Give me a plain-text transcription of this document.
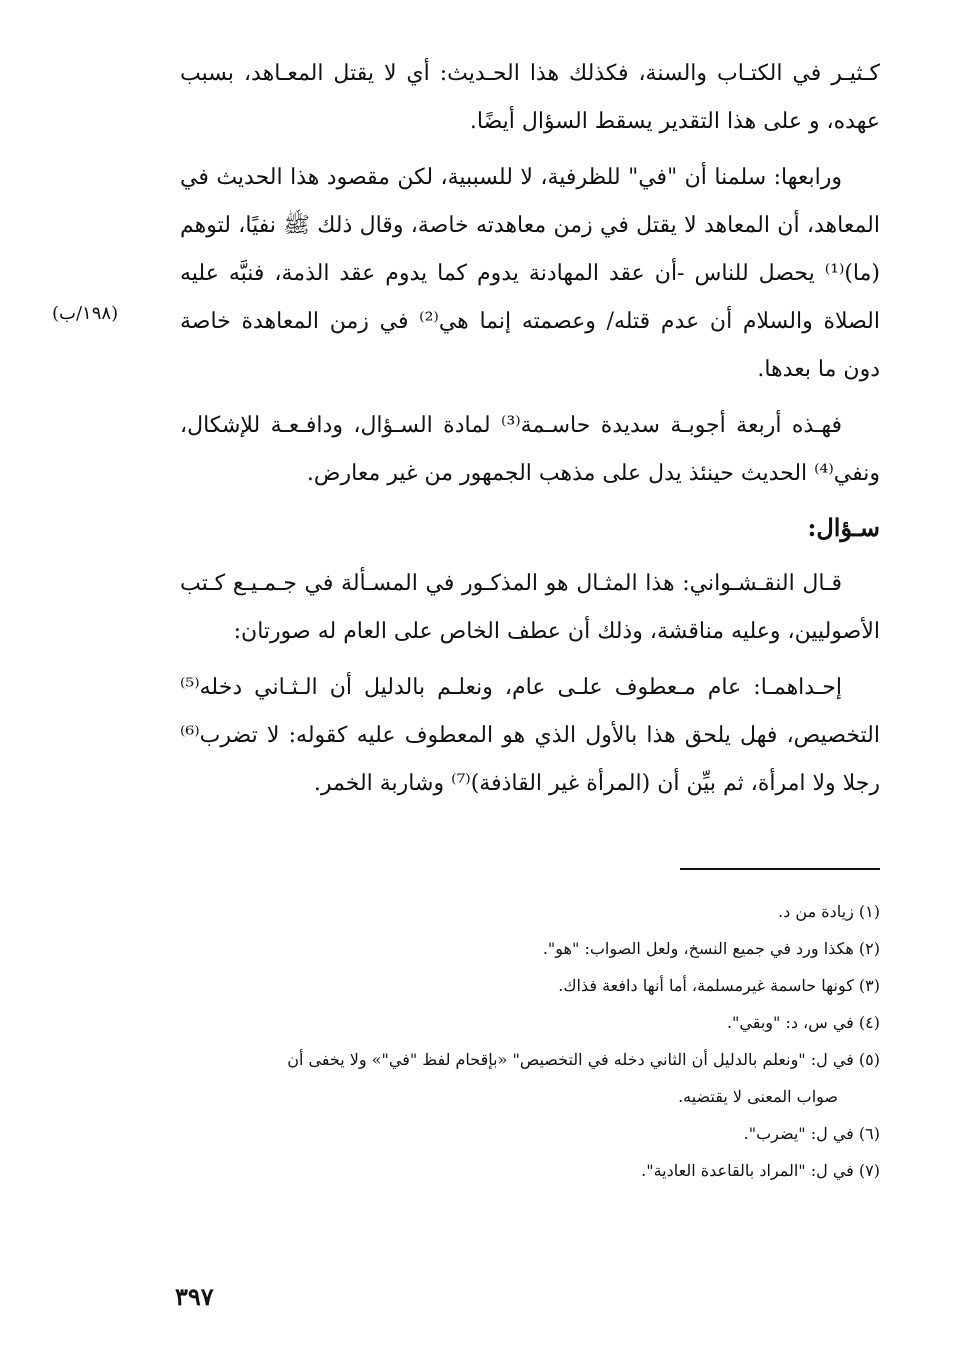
كـثيـر في الكتـاب والسنة، فكذلك هذا الحـديث: أي لا يقتل المعـاهد، بسبب عهده، و على هذا التقدير يسقط السؤال أيضًا.

ورابعها: سلمنا أن "في" للظرفية، لا للسببية، لكن مقصود هذا الحديث في المعاهد، أن المعاهد لا يقتل في زمن معاهدته خاصة، وقال ذلك ﷺ نفيًا، لتوهم (ما)⁽¹⁾ يحصل للناس -أن عقد المهادنة يدوم كما يدوم عقد الذمة، فنبَّه عليه الصلاة والسلام أن عدم قتله/ وعصمته إنما هي⁽²⁾ في زمن المعاهدة خاصة دون ما بعدها.

فهـذه أربعة أجوبـة سديدة حاسـمة⁽³⁾ لمادة السـؤال، ودافـعـة للإشكال، ونفي⁽⁴⁾ الحديث حينئذ يدل على مذهب الجمهور من غير معارض.

سـؤال:

قـال النقـشـواني: هذا المثـال هو المذكـور في المسـألة في جـمـيـع كـتب الأصوليين، وعليه مناقشة، وذلك أن عطف الخاص على العام له صورتان:

إحـداهمـا: عام مـعطوف علـى عام، ونعلـم بالدليل أن الـثـاني دخله⁽⁵⁾ التخصيص، فهل يلحق هذا بالأول الذي هو المعطوف عليه كقوله: لا تضرب⁽⁶⁾ رجلا ولا امرأة، ثم بيِّن أن (المرأة غير القاذفة)⁽⁷⁾ وشاربة الخمر.

(١٩٨/ب)

(١) زيادة من د.

(٢) هكذا ورد في جميع النسخ، ولعل الصواب: "هو".

(٣) كونها حاسمة غيرمسلمة، أما أنها دافعة فذاك.

(٤) في س، د: "وبقي".

(٥) في ل: "ونعلم بالدليل أن الثاني دخله في التخصيص" «بإقحام لفظ "في"» ولا يخفى أن
صواب المعنى لا يقتضيه.

(٦) في ل: "يضرب".

(٧) في ل: "المراد بالقاعدة العادية".

٣٩٧
